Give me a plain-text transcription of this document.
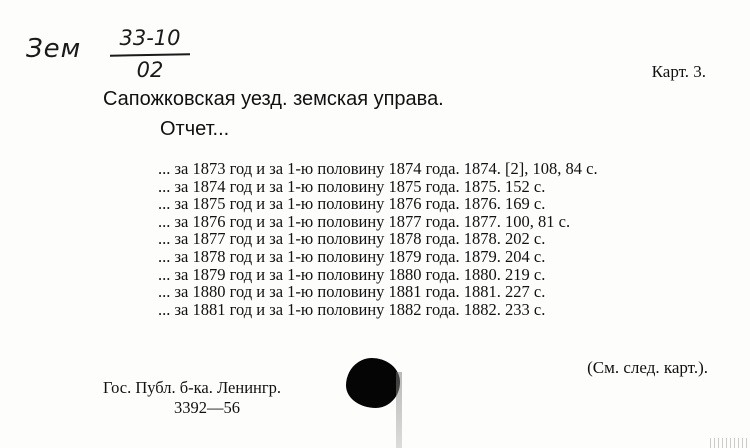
Зем	33-10
02	Карт. 3.
Сапожковская уезд. земская управа.
Отчет...
... за 1873 год и за 1-ю половину 1874 года. 1874. [2], 108, 84 с.
... за 1874 год и за 1-ю половину 1875 года. 1875. 152 с.
... за 1875 год и за 1-ю половину 1876 года. 1876. 169 с.
... за 1876 год и за 1-ю половину 1877 года. 1877. 100, 81 с.
... за 1877 год и за 1-ю половину 1878 года. 1878. 202 с.
... за 1878 год и за 1-ю половину 1879 года. 1879. 204 с.
... за 1879 год и за 1-ю половину 1880 года. 1880. 219 с.
... за 1880 год и за 1-ю половину 1881 года. 1881. 227 с.
... за 1881 год и за 1-ю половину 1882 года. 1882. 233 с.
(См. след. карт.).
Гос. Публ. б-ка. Ленингр.
3392—56
